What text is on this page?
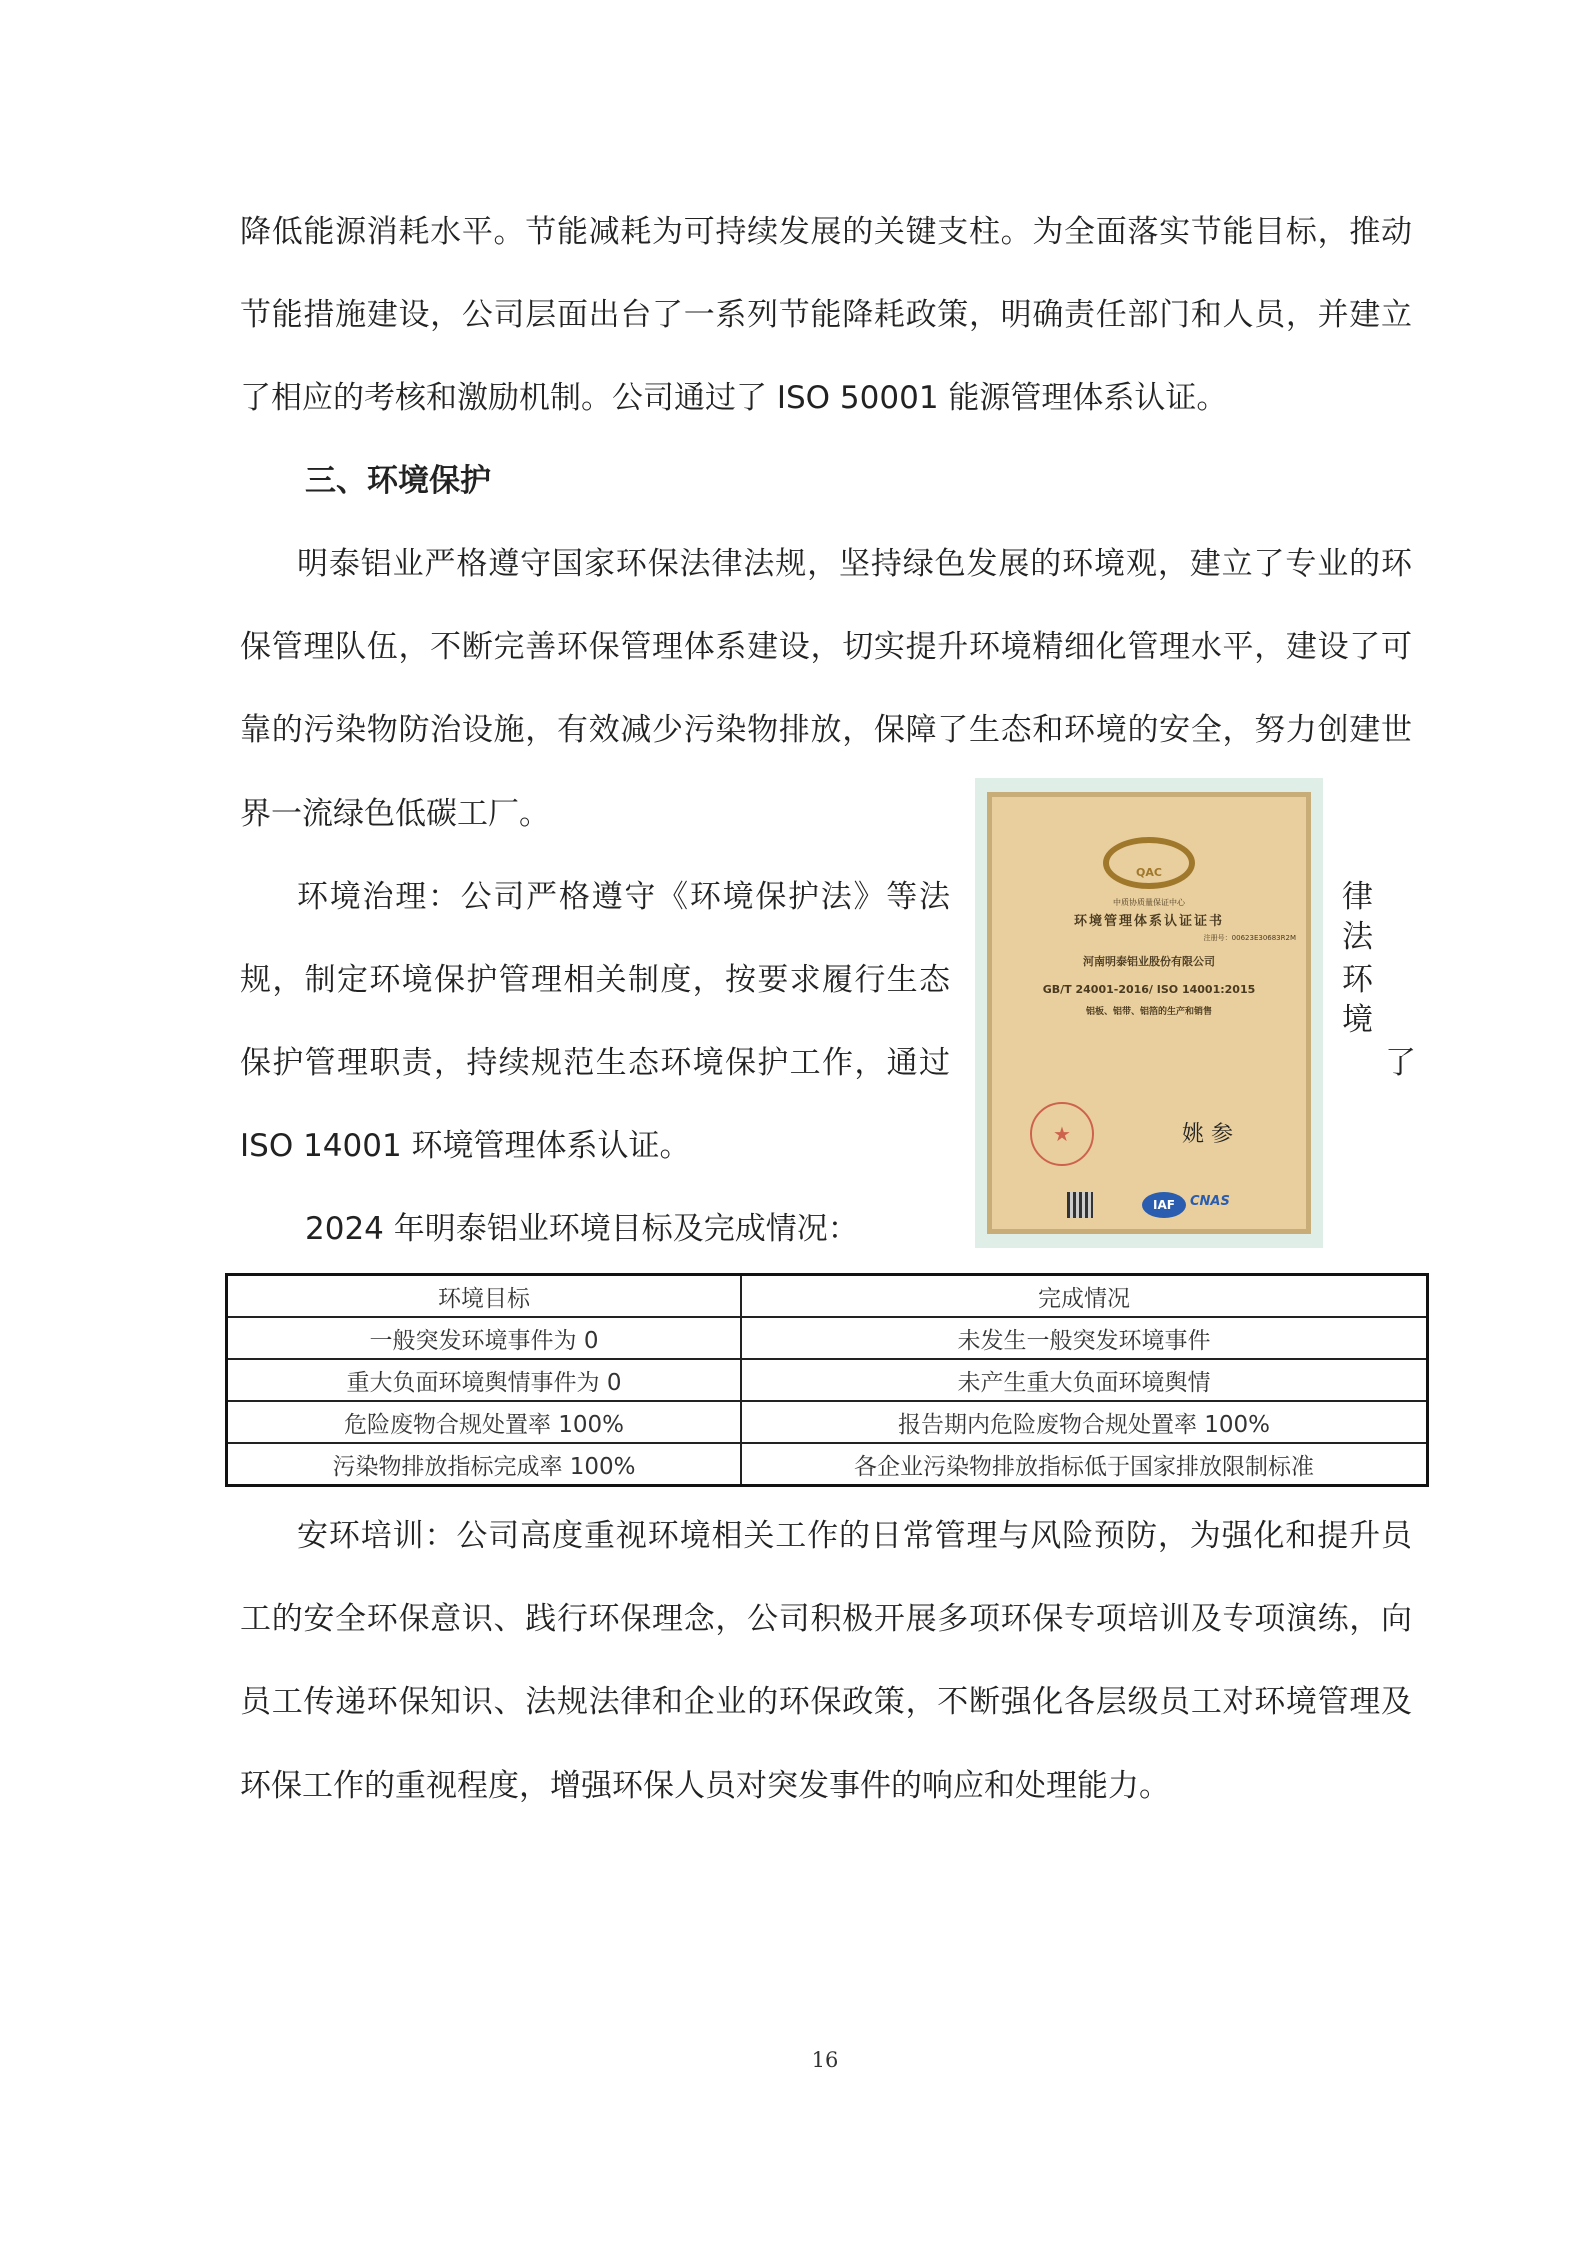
降低能源消耗水平。节能减耗为可持续发展的关键支柱。为全面落实节能目标，推动
节能措施建设，公司层面出台了一系列节能降耗政策，明确责任部门和人员，并建立
了相应的考核和激励机制。公司通过了 ISO 50001 能源管理体系认证。
三、环境保护
明泰铝业严格遵守国家环保法律法规，坚持绿色发展的环境观，建立了专业的环
保管理队伍，不断完善环保管理体系建设，切实提升环境精细化管理水平，建设了可
靠的污染物防治设施，有效减少污染物排放，保障了生态和环境的安全，努力创建世
界一流绿色低碳工厂。
环境治理：公司严格遵守《环境保护法》等法	律 法
规，制定环境保护管理相关制度，按要求履行生态	环 境
保护管理职责，持续规范生态环境保护工作，通过	了
ISO 14001 环境管理体系认证。
2024 年明泰铝业环境目标及完成情况：
安环培训：公司高度重视环境相关工作的日常管理与风险预防，为强化和提升员
工的安全环保意识、践行环保理念，公司积极开展多项环保专项培训及专项演练，向
员工传递环保知识、法规法律和企业的环保政策，不断强化各层级员工对环境管理及
环保工作的重视程度，增强环保人员对突发事件的响应和处理能力。
QAC
中质协质量保证中心
环境管理体系认证证书
注册号：00623E30683R2M
河南明泰铝业股份有限公司
GB/T 24001-2016/ ISO 14001:2015
铝板、铝带、铝箔的生产和销售
★	姚 参
IAF	CNAS
环境目标	完成情况
一般突发环境事件为 0	未发生一般突发环境事件
重大负面环境舆情事件为 0	未产生重大负面环境舆情
危险废物合规处置率 100%	报告期内危险废物合规处置率 100%
污染物排放指标完成率 100%	各企业污染物排放指标低于国家排放限制标准
16
